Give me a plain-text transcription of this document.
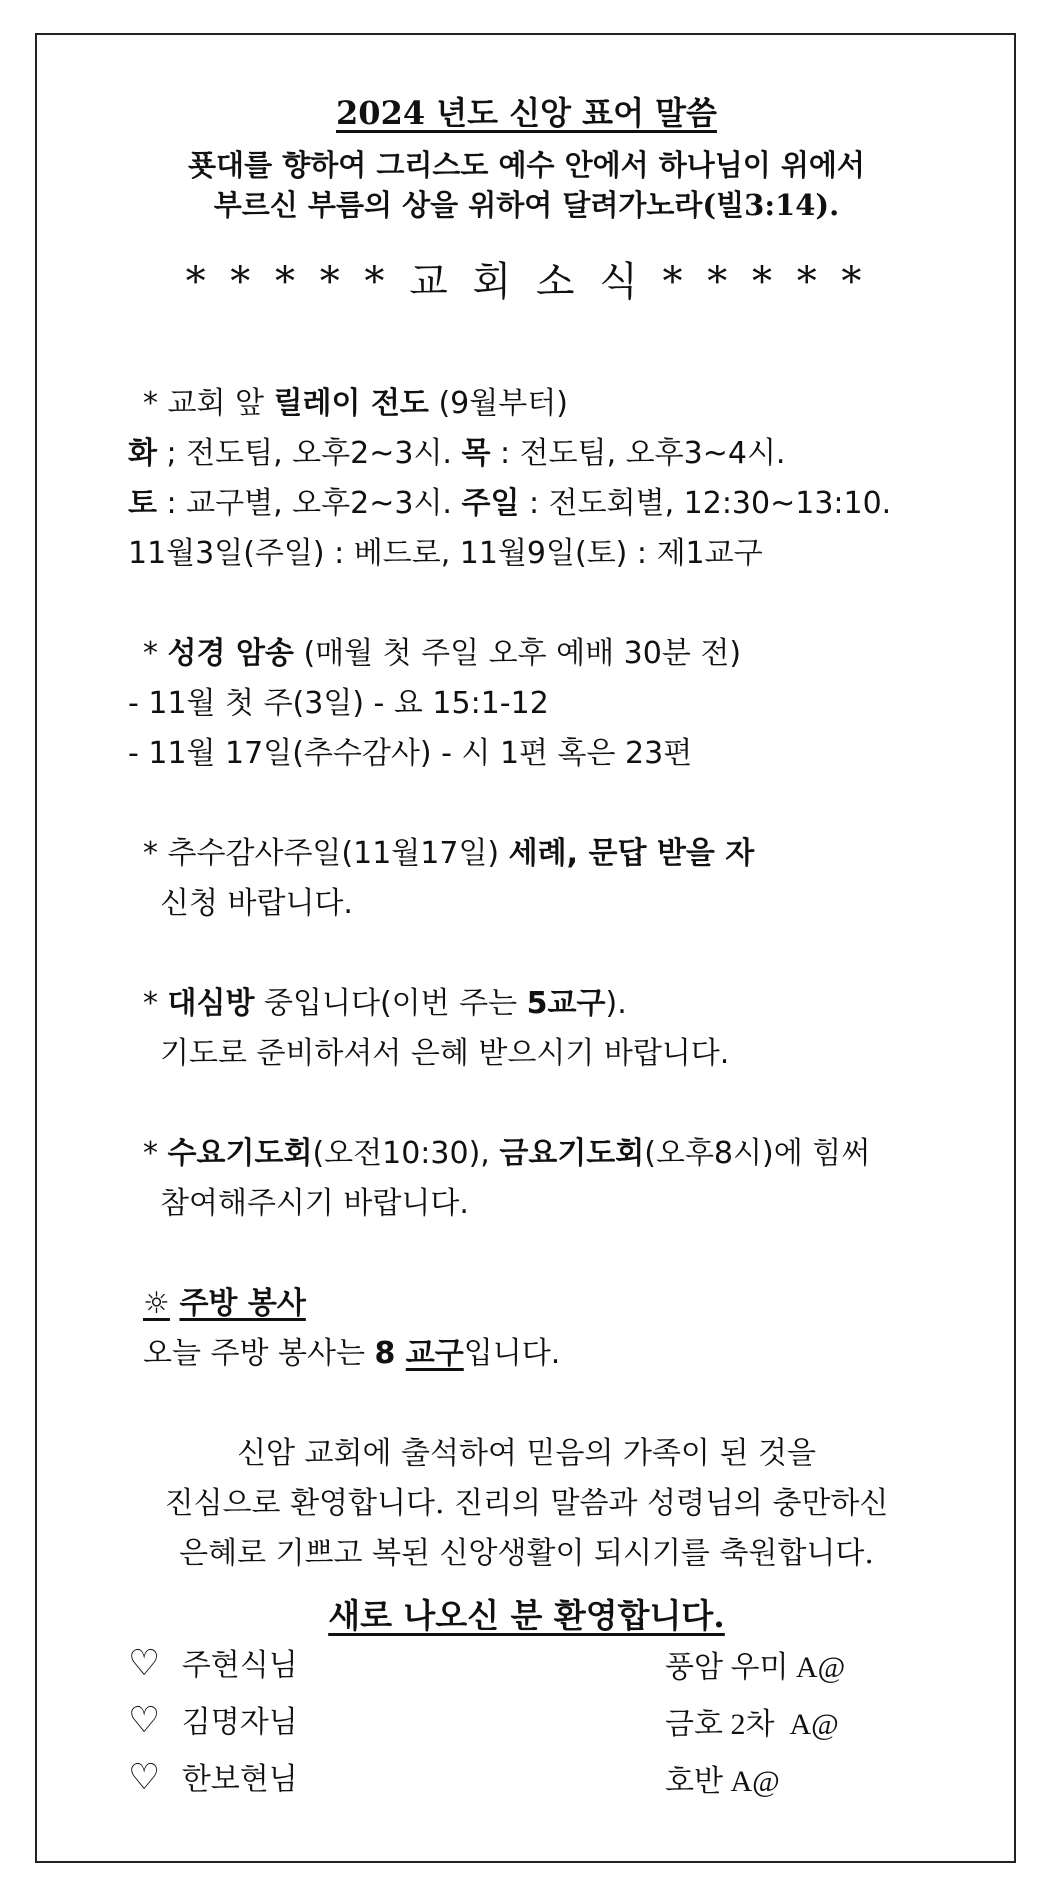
2024 년도 신앙 표어 말씀
푯대를 향하여 그리스도 예수 안에서 하나님이 위에서
부르신 부름의 상을 위하여 달려가노라(빌3:14).
* * * * * 교 회 소 식 * * * * *
* 교회 앞 릴레이 전도 (9월부터)
화 ; 전도팀, 오후2~3시. 목 : 전도팀, 오후3~4시.
토 : 교구별, 오후2~3시. 주일 : 전도회별, 12:30~13:10.
11월3일(주일) : 베드로, 11월9일(토) : 제1교구
* 성경 암송 (매월 첫 주일 오후 예배 30분 전)
- 11월 첫 주(3일) - 요 15:1-12
- 11월 17일(추수감사) - 시 1편 혹은 23편
* 추수감사주일(11월17일) 세례, 문답 받을 자
신청 바랍니다.
* 대심방 중입니다(이번 주는 5교구).
기도로 준비하셔서 은혜 받으시기 바랍니다.
* 수요기도회(오전10:30), 금요기도회(오후8시)에 힘써
참여해주시기 바랍니다.
☼ 주방 봉사
오늘 주방 봉사는 8 교구입니다.
신암 교회에 출석하여 믿음의 가족이 된 것을
진심으로 환영합니다. 진리의 말씀과 성령님의 충만하신
은혜로 기쁘고 복된 신앙생활이 되시기를 축원합니다.
새로 나오신 분 환영합니다.
♡ 주현식님	풍암 우미 A@
♡ 김명자님	금호 2차  A@
♡ 한보현님	호반 A@
